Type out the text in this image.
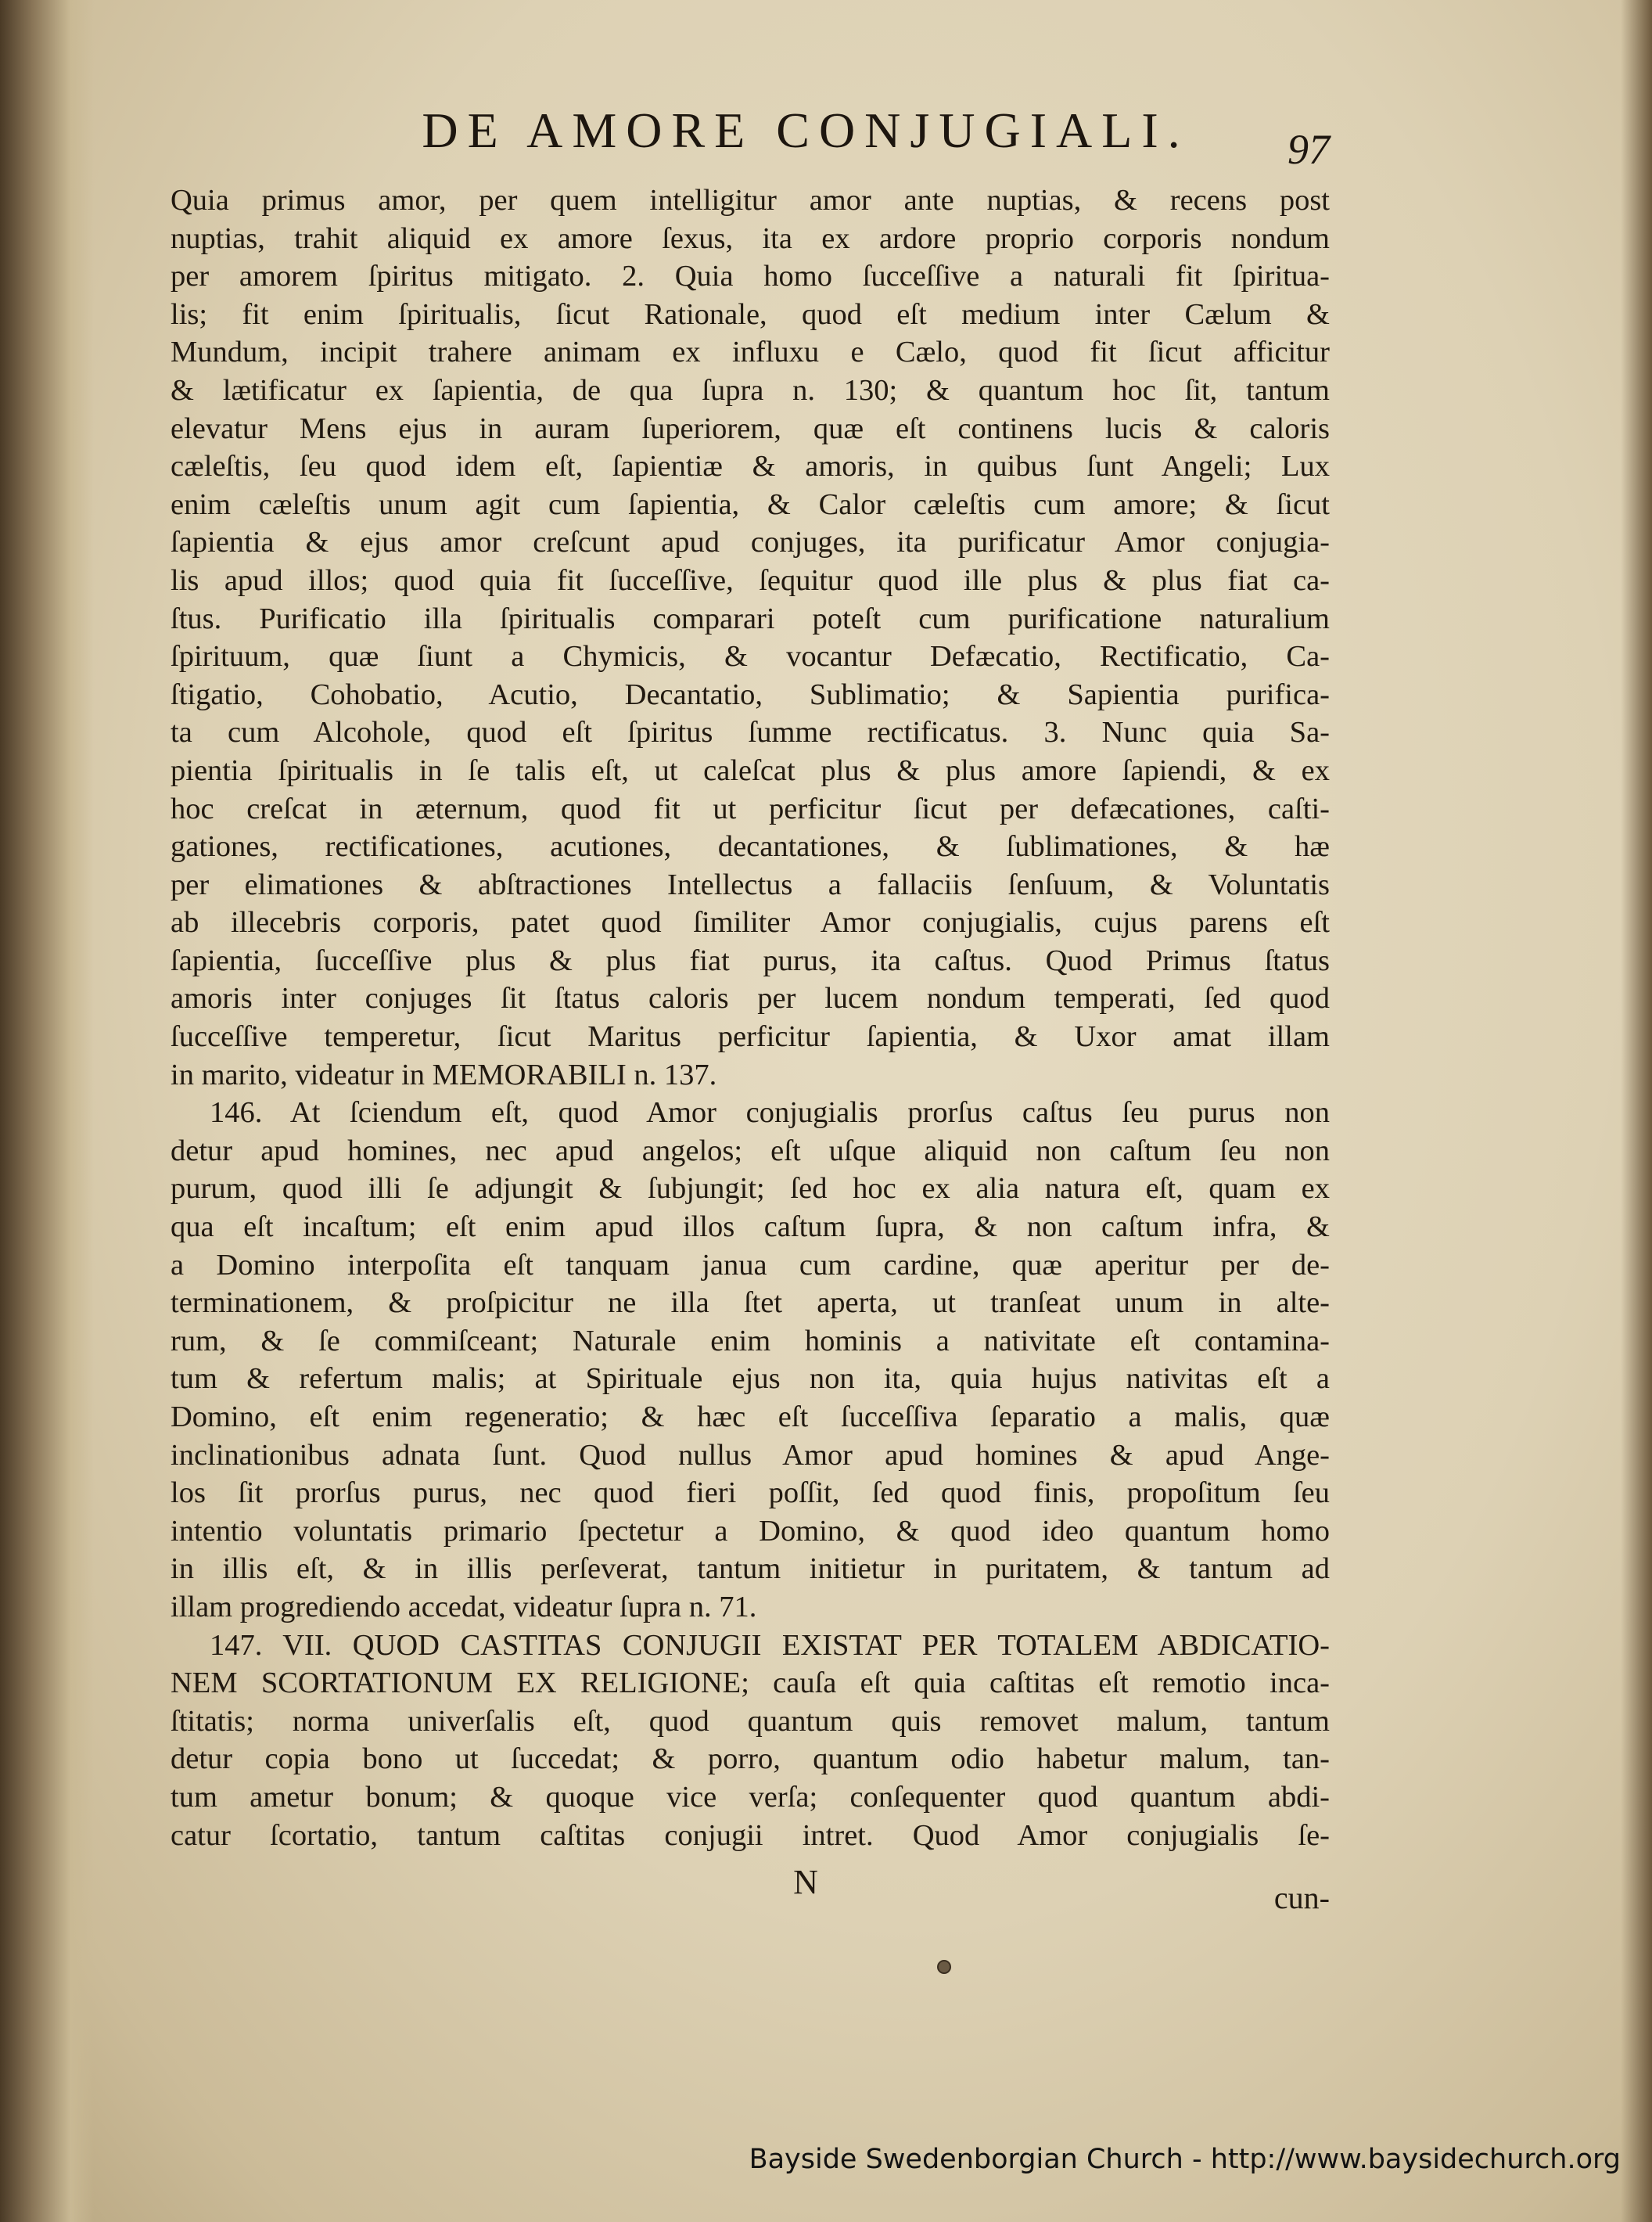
DE AMORE CONJUGIALI.	97
Quia primus amor, per quem intelligitur amor ante nuptias, & recens post
nuptias, trahit aliquid ex amore ſexus, ita ex ardore proprio corporis nondum
per amorem ſpiritus mitigato. 2. Quia homo ſucceſſive a naturali fit ſpiritua-
lis; fit enim ſpiritualis, ſicut Rationale, quod eſt medium inter Cælum &
Mundum, incipit trahere animam ex influxu e Cælo, quod fit ſicut afficitur
& lætificatur ex ſapientia, de qua ſupra n. 130; & quantum hoc ſit, tantum
elevatur Mens ejus in auram ſuperiorem, quæ eſt continens lucis & caloris
cæleſtis, ſeu quod idem eſt, ſapientiæ & amoris, in quibus ſunt Angeli; Lux
enim cæleſtis unum agit cum ſapientia, & Calor cæleſtis cum amore; & ſicut
ſapientia & ejus amor creſcunt apud conjuges, ita purificatur Amor conjugia-
lis apud illos; quod quia fit ſucceſſive, ſequitur quod ille plus & plus fiat ca-
ſtus. Purificatio illa ſpiritualis comparari poteſt cum purificatione naturalium
ſpirituum, quæ ſiunt a Chymicis, & vocantur Defæcatio, Rectificatio, Ca-
ſtigatio, Cohobatio, Acutio, Decantatio, Sublimatio; & Sapientia purifica-
ta cum Alcohole, quod eſt ſpiritus ſumme rectificatus. 3. Nunc quia Sa-
pientia ſpiritualis in ſe talis eſt, ut caleſcat plus & plus amore ſapiendi, & ex
hoc creſcat in æternum, quod fit ut perficitur ſicut per defæcationes, caſti-
gationes, rectificationes, acutiones, decantationes, & ſublimationes, & hæ
per elimationes & abſtractiones Intellectus a fallaciis ſenſuum, & Voluntatis
ab illecebris corporis, patet quod ſimiliter Amor conjugialis, cujus parens eſt
ſapientia, ſucceſſive plus & plus fiat purus, ita caſtus. Quod Primus ſtatus
amoris inter conjuges ſit ſtatus caloris per lucem nondum temperati, ſed quod
ſucceſſive temperetur, ſicut Maritus perficitur ſapientia, & Uxor amat illam
in marito, videatur in MEMORABILI n. 137.
146. At ſciendum eſt, quod Amor conjugialis prorſus caſtus ſeu purus non
detur apud homines, nec apud angelos; eſt uſque aliquid non caſtum ſeu non
purum, quod illi ſe adjungit & ſubjungit; ſed hoc ex alia natura eſt, quam ex
qua eſt incaſtum; eſt enim apud illos caſtum ſupra, & non caſtum infra, &
a Domino interpoſita eſt tanquam janua cum cardine, quæ aperitur per de-
terminationem, & proſpicitur ne illa ſtet aperta, ut tranſeat unum in alte-
rum, & ſe commiſceant; Naturale enim hominis a nativitate eſt contamina-
tum & refertum malis; at Spirituale ejus non ita, quia hujus nativitas eſt a
Domino, eſt enim regeneratio; & hæc eſt ſucceſſiva ſeparatio a malis, quæ
inclinationibus adnata ſunt. Quod nullus Amor apud homines & apud Ange-
los ſit prorſus purus, nec quod fieri poſſit, ſed quod finis, propoſitum ſeu
intentio voluntatis primario ſpectetur a Domino, & quod ideo quantum homo
in illis eſt, & in illis perſeverat, tantum initietur in puritatem, & tantum ad
illam progrediendo accedat, videatur ſupra n. 71.
147. VII. QUOD CASTITAS CONJUGII EXISTAT PER TOTALEM ABDICATIO-
NEM SCORTATIONUM EX RELIGIONE; cauſa eſt quia caſtitas eſt remotio inca-
ſtitatis; norma univerſalis eſt, quod quantum quis removet malum, tantum
detur copia bono ut ſuccedat; & porro, quantum odio habetur malum, tan-
tum ametur bonum; & quoque vice verſa; conſequenter quod quantum abdi-
catur ſcortatio, tantum caſtitas conjugii intret. Quod Amor conjugialis ſe-
N	cun-
Bayside Swedenborgian Church - http://www.baysidechurch.org
